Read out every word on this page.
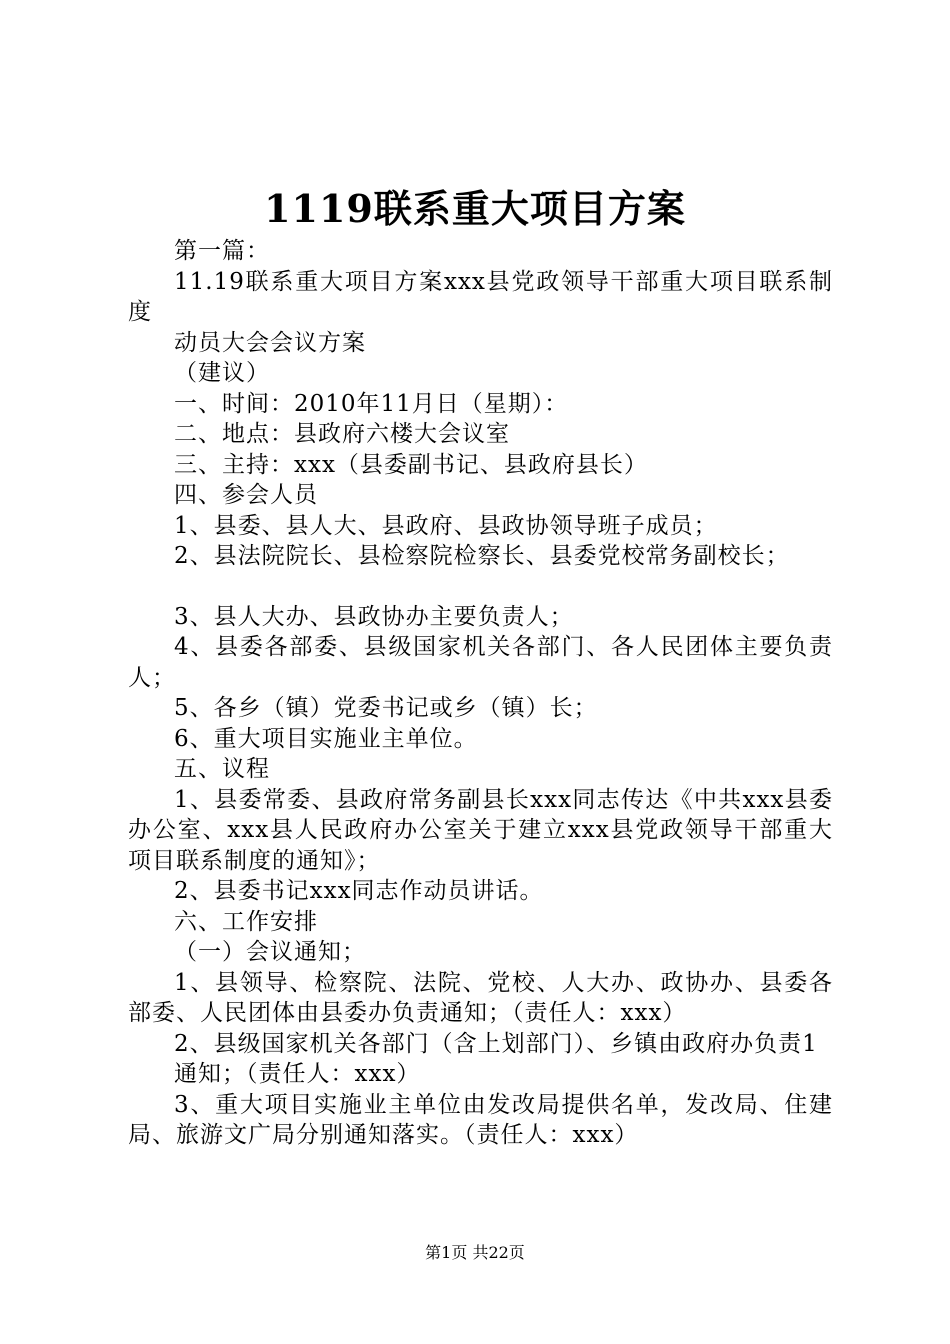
1119联系重大项目方案

第一篇：

11.19联系重大项目方案xxx县党政领导干部重大项目联系制度

动员大会会议方案

（建议）

一、时间：2010年11月日（星期）：

二、地点：县政府六楼大会议室

三、主持：xxx（县委副书记、县政府县长）

四、参会人员

1、县委、县人大、县政府、县政协领导班子成员；

2、县法院院长、县检察院检察长、县委党校常务副校长；

3、县人大办、县政协办主要负责人；

4、县委各部委、县级国家机关各部门、各人民团体主要负责人；

5、各乡（镇）党委书记或乡（镇）长；

6、重大项目实施业主单位。

五、议程

1、县委常委、县政府常务副县长xxx同志传达《中共xxx县委办公室、xxx县人民政府办公室关于建立xxx县党政领导干部重大项目联系制度的通知》；

2、县委书记xxx同志作动员讲话。

六、工作安排

（一）会议通知；

1、县领导、检察院、法院、党校、人大办、政协办、县委各部委、人民团体由县委办负责通知；（责任人：xxx）

2、县级国家机关各部门（含上划部门）、乡镇由政府办负责1

通知；（责任人：xxx）

3、重大项目实施业主单位由发改局提供名单，发改局、住建局、旅游文广局分别通知落实。（责任人：xxx）

第1页 共22页
